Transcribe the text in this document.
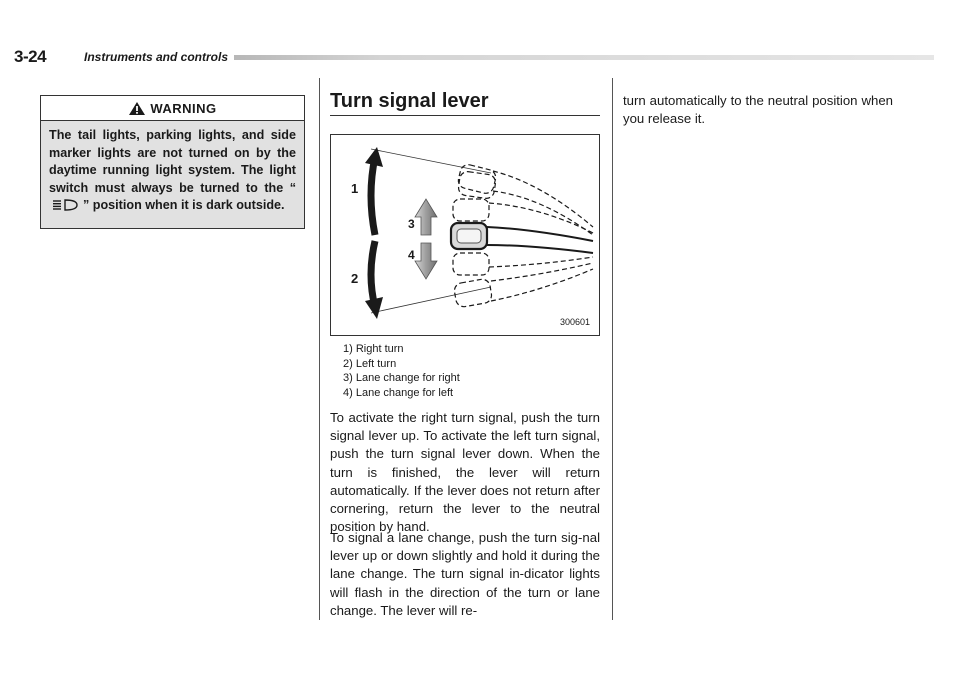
3-24	Instruments and controls
WARNING
The tail lights, parking lights, and side marker lights are not turned on by the daytime running light system. The light switch must always be turned to the “” position when it is dark outside.
Turn signal lever
1
2
3
4
300601
1) Right turn
2) Left turn
3) Lane change for right
4) Lane change for left
To activate the right turn signal, push the turn signal lever up. To activate the left turn signal, push the turn signal lever down. When the turn is finished, the lever will return automatically. If the lever does not return after cornering, return the lever to the neutral position by hand.
To signal a lane change, push the turn sig-nal lever up or down slightly and hold it during the lane change. The turn signal in-dicator lights will flash in the direction of the turn or lane change. The lever will re-
turn automatically to the neutral position when you release it.
